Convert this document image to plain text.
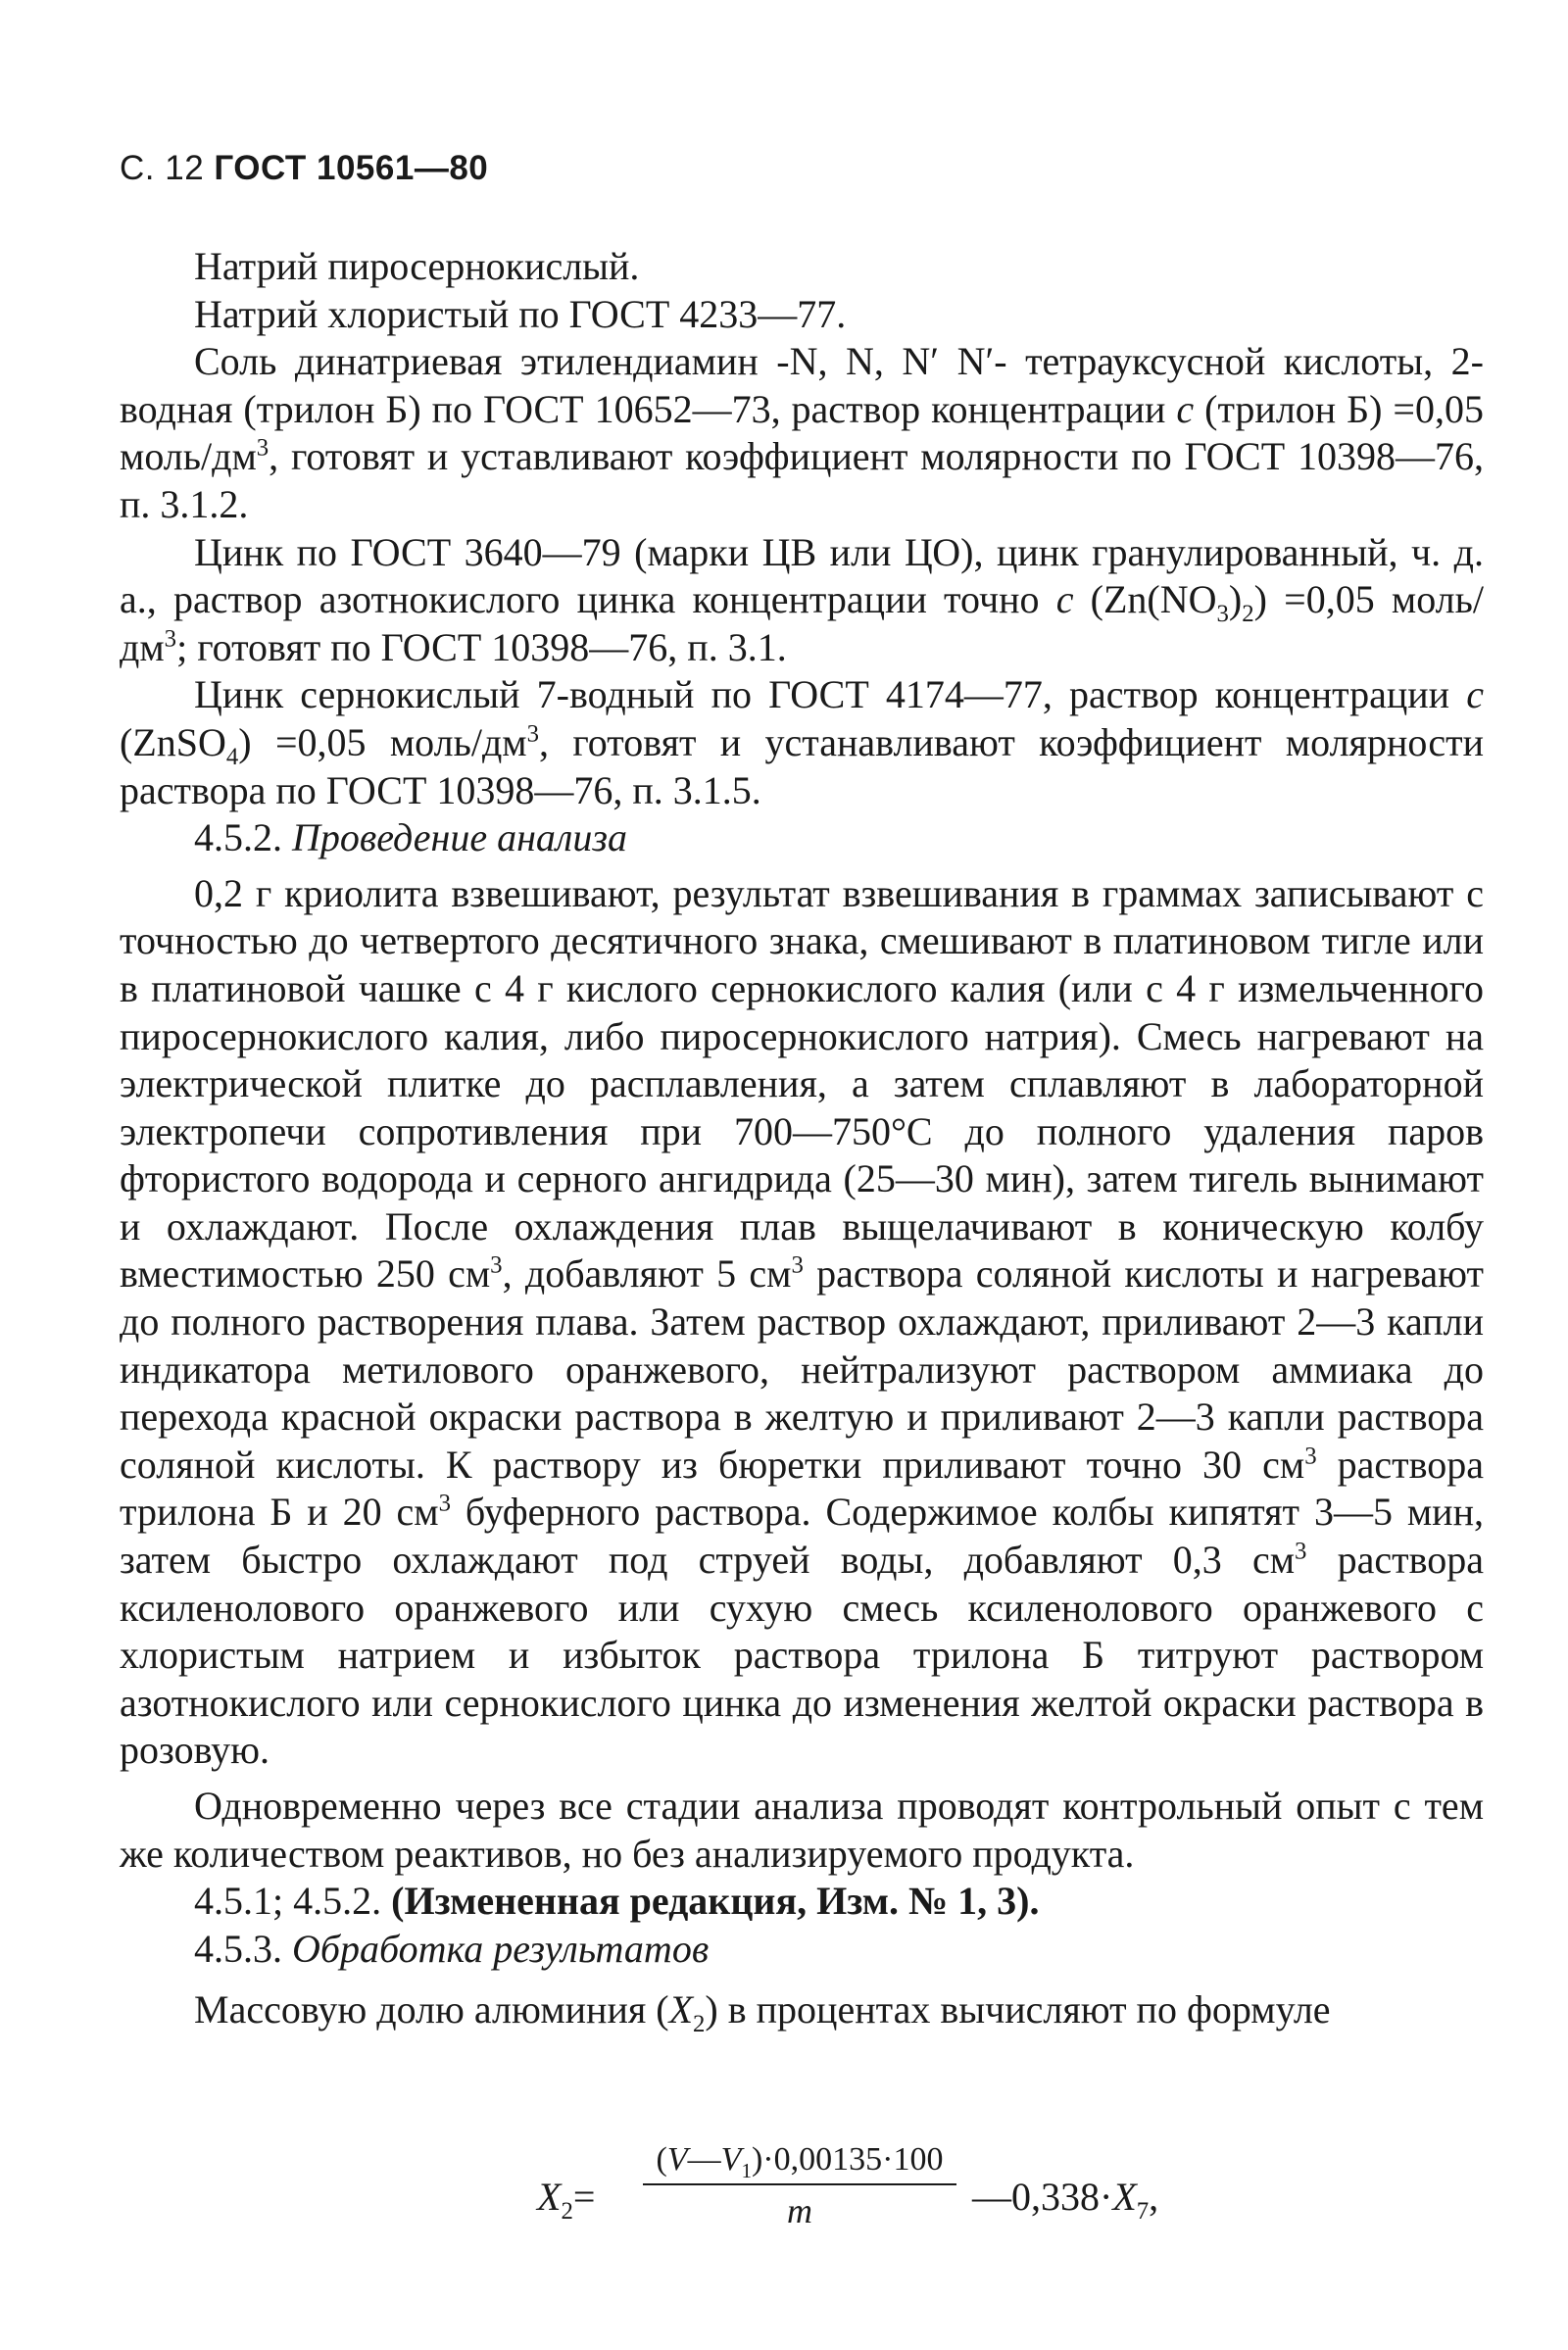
С. 12 ГОСТ 10561—80

Натрий пиросернокислый.

Натрий хлористый по ГОСТ 4233—77.

Соль динатриевая этилендиамин -N, N, N′ N′- тетрауксусной кислоты, 2-водная (трилон Б) по ГОСТ 10652—73, раствор концентрации c (трилон Б) =0,05 моль/$дм^3$, готовят и уставливают коэффициент молярности по ГОСТ 10398—76, п. 3.1.2.

Цинк по ГОСТ 3640—79 (марки ЦВ или ЦО), цинк гранулированный, ч. д. а., раствор азотнокислого цинка концентрации точно c $(Zn(NO_3)_2) =0,05$ моль/$дм^3$; готовят по ГОСТ 10398—76, п. 3.1.

Цинк сернокислый 7-водный по ГОСТ 4174—77, раствор концентрации c (ZnSO$_4$) =0,05 моль/$дм^3$, готовят и устанавливают коэффициент молярности раствора по ГОСТ 10398—76, п. 3.1.5.

4.5.2. Проведение анализа

0,2 г криолита взвешивают, результат взвешивания в граммах записывают с точностью до четвертого десятичного знака, смешивают в платиновом тигле или в платиновой чашке с 4 г кислого сернокислого калия (или с 4 г измельченного пиросернокислого калия, либо пиросернокислого натрия). Смесь нагревают на электрической плитке до расплавления, а затем сплавляют в лабораторной электропечи сопротивления при 700—750°С до полного удаления паров фтористого водорода и серного ангидрида (25—30 мин), затем тигель вынимают и охлаждают. После охлаждения плав выщелачивают в коническую колбу вместимостью 250 $см^3$, добавляют 5 $см^3$ раствора соляной кислоты и нагревают до полного растворения плава. Затем раствор охлаждают, приливают 2—3 капли индикатора метилового оранжевого, нейтрализуют раствором аммиака до перехода красной окраски раствора в желтую и приливают 2—3 капли раствора соляной кислоты. К раствору из бюретки приливают точно 30 $см^3$ раствора трилона Б и 20 $см^3$ буферного раствора. Содержимое колбы кипятят 3—5 мин, затем быстро охлаждают под струей воды, добавляют 0,3 $см^3$ раствора ксиленолового оранжевого или сухую смесь ксиленолового оранжевого с хлористым натрием и избыток раствора трилона Б титруют раствором азотнокислого или сернокислого цинка до изменения желтой окраски раствора в розовую.

Одновременно через все стадии анализа проводят контрольный опыт с тем же количеством реактивов, но без анализируемого продукта.

4.5.1; 4.5.2. (Измененная редакция, Изм. № 1, 3).

4.5.3. Обработка результатов

Массовую долю алюминия $(X_2)$ в процентах вычисляют по формуле

$X_2=$
$(V—V_1)\cdot 0,00135\cdot 100$
m	$—0,338\cdot X_7$,
